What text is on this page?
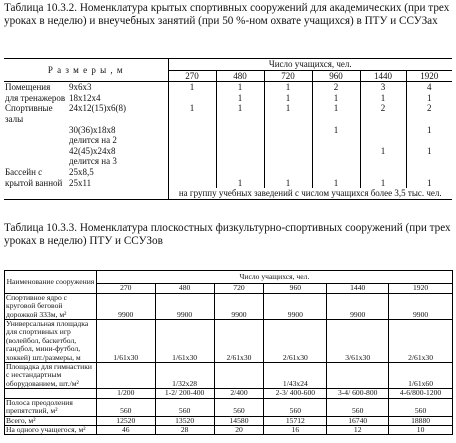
Таблица 10.3.2. Номенклатура крытых спортивных сооружений для академических (при трех уроках в неделю) и внеучебных занятий (при 50 %-ном охвате учащихся) в ПТУ и ССУЗах
Р а з м е р ы , м		Число учащихся, чел.					
		270	480	720	960	1440	1920
Помещения	9х6х3	1	1	1	2	3	4
для тренажеров	18х12х4		1	1	1	1	1
Спортивные залы	24х12(15)х6(8)	1	1	1	1	2	2
	30(36)х18х8				1		1
	делится на 2						
	42(45)х24х8					1	1
	делится на 3						
Бассейн с	25х8,5						
крытой ванной	25х11		1	1	1	1	1
		на группу учебных заведений с числом учащихся более 3,5 тыс. чел.					
Таблица 10.3.3. Номенклатура плоскостных физкультурно-спортивных сооружений (при трех уроках в неделю) ПТУ и ССУЗов
Наименование сооружения	Число учащихся, чел.					
	270	480	720	960	1440	1920
Спортивное ядро с круговой беговой дорожкой 333м, м²	9900	9900	9900	9900	9900	9900
Универсальная площадка для спортивных игр (волейбол, баскетбол, гандбол, мини-футбол, хоккей) шт./размеры, м	1/61х30	1/61х30	2/61х30	2/61х30	3/61х30	2/61х30
Площадка для гимнастики с нестандартным оборудованием, шт./м²		1/32х28		1/43х24		1/61х60
	1/200	1-2/ 200-400	2/400	2-3/ 400-600	3-4/ 600-800	4-6/800-1200
Полоса преодоления препятствий, м²	560	560	560	560	560	560
Всего, м²	12520	13520	14580	15712	16740	18880
На одного учащегося, м²	46	28	20	16	12	10
